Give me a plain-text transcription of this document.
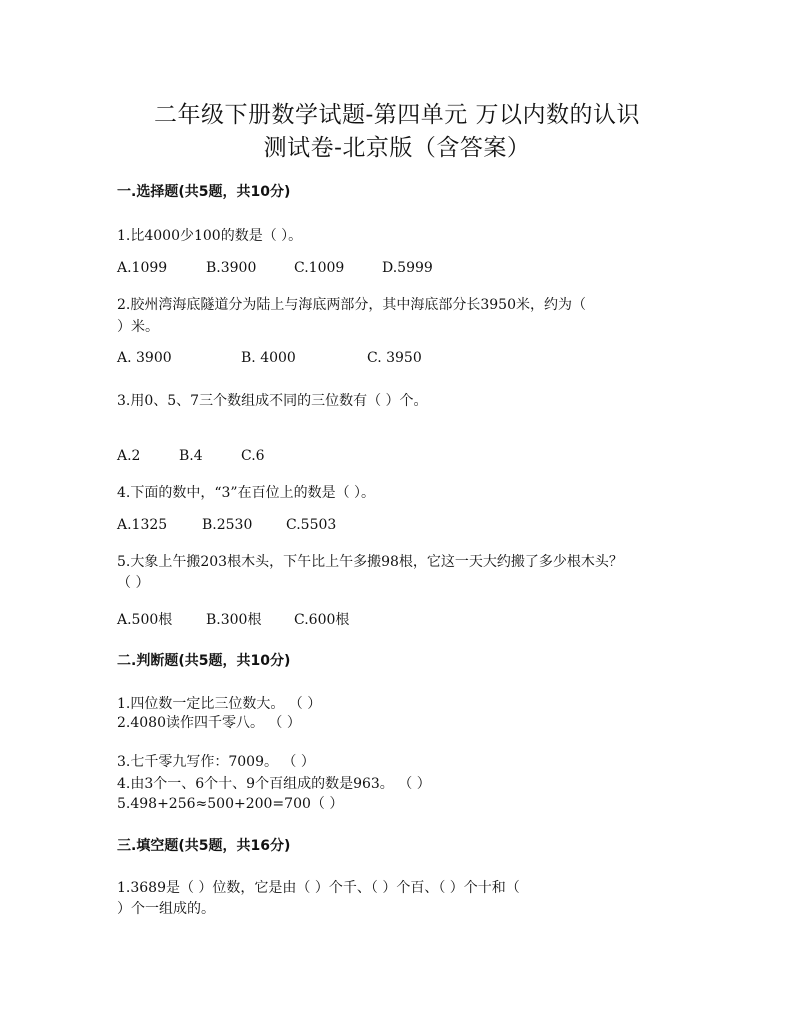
二年级下册数学试题-第四单元 万以内数的认识
测试卷-北京版（含答案）
一.选择题(共5题，共10分)
1.比4000少100的数是（ ）。
A.1099	B.3900	C.1009	D.5999
2.胶州湾海底隧道分为陆上与海底两部分，其中海底部分长3950米，约为（
）米。
A. 3900	B. 4000	C. 3950
3.用0、5、7三个数组成不同的三位数有（ ）个。
A.2	B.4	C.6
4.下面的数中，“3”在百位上的数是（ ）。
A.1325 B.2530 C.5503
5.大象上午搬203根木头，下午比上午多搬98根，它这一天大约搬了多少根木头？
（ ）
A.500根 B.300根 C.600根
二.判断题(共5题，共10分)
1.四位数一定比三位数大。 （ ）
2.4080读作四千零八。 （ ）
3.七千零九写作：7009。 （ ）
4.由3个一、6个十、9个百组成的数是963。 （ ）
5.498+256≈500+200=700（ ）
三.填空题(共5题，共16分)
1.3689是（ ）位数，它是由（ ）个千、（ ）个百、（ ）个十和（
）个一组成的。
